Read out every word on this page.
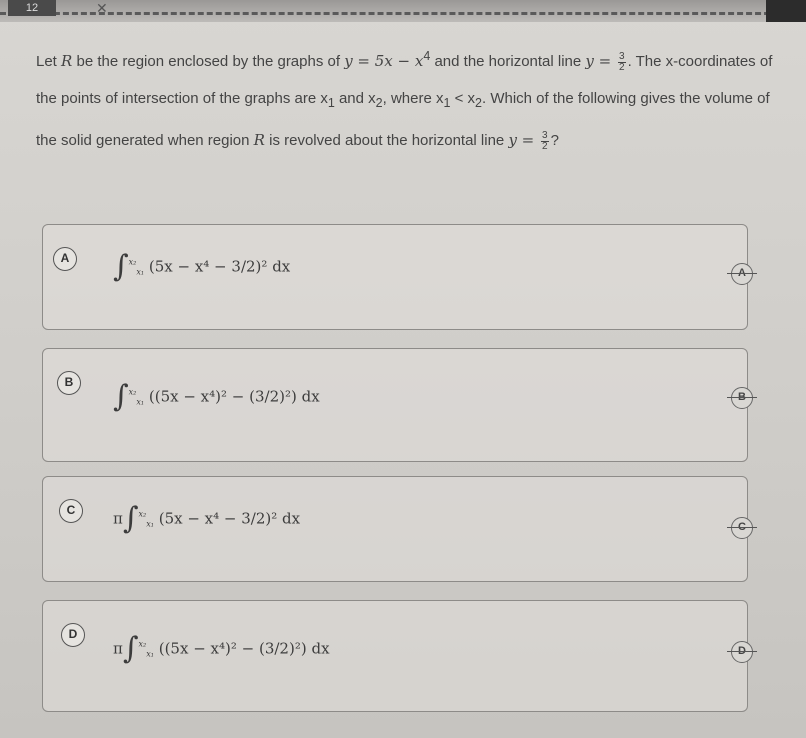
12	✕
Let R be the region enclosed by the graphs of $y = 5x - x^4$ and the horizontal line $y = \frac{3}{2}$ . The x-coordinates of the points of intersection of the graphs are $x_1$ and $x_2$, where $x_1 < x_2$. Which of the following gives the volume of the solid generated when region R is revolved about the horizontal line $y = \frac{3}{2}$ ?
A ∫$^{x_2}_{x_1}$ (5x − x⁴ − 3/2)² dx	A
B ∫$^{x_2}_{x_1}$ ((5x − x⁴)² − (3/2)²) dx	B
C	π∫$^{x_2}_{x_1}$ (5x − x⁴ − 3/2)² dx	C
D
π∫$^{x_2}_{x_1}$ ((5x − x⁴)² − (3/2)²) dx	D
